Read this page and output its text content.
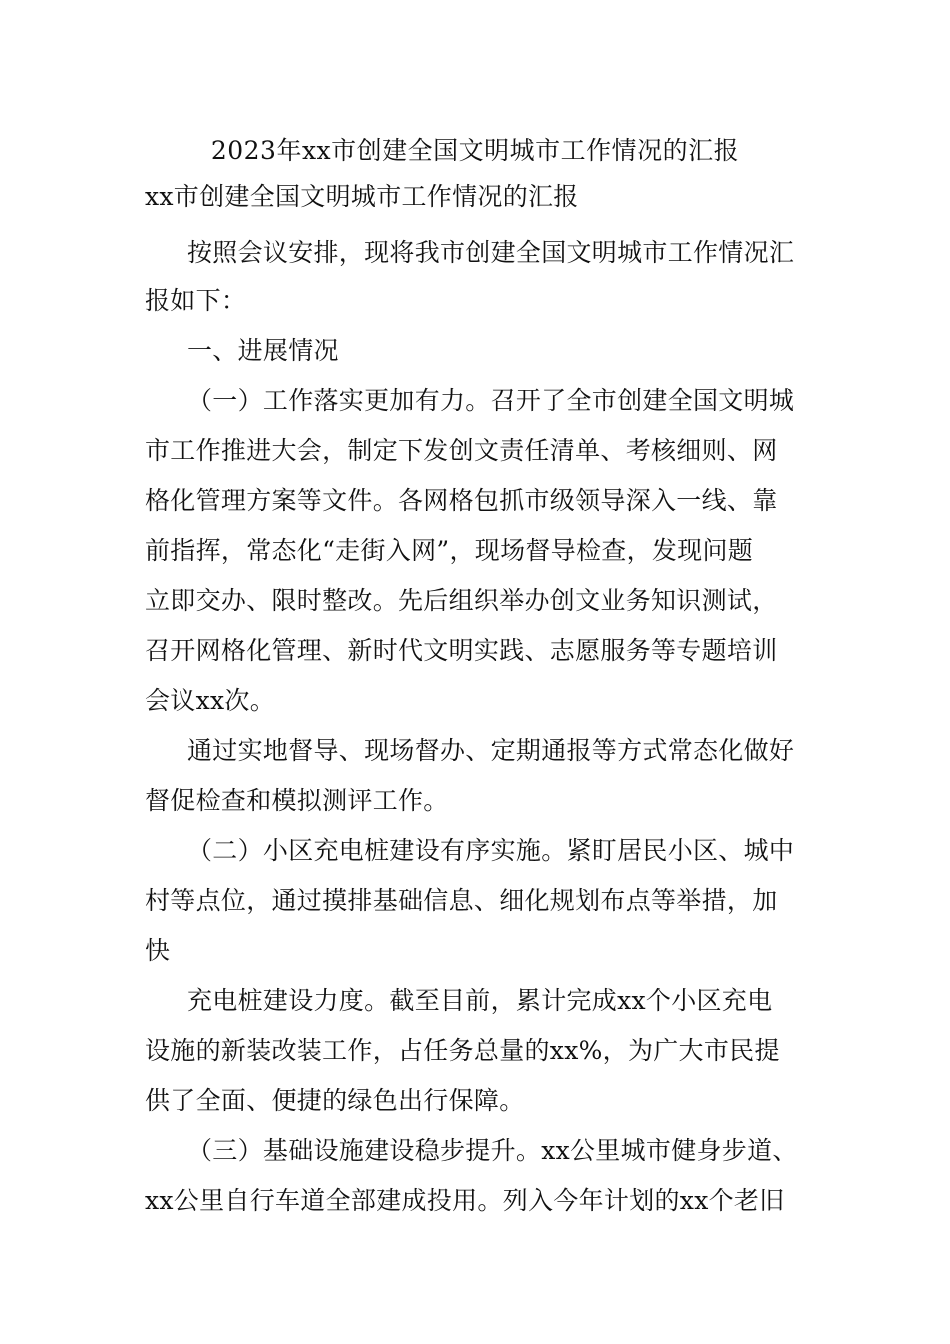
2023年xx市创建全国文明城市工作情况的汇报
xx市创建全国文明城市工作情况的汇报
按照会议安排，现将我市创建全国文明城市工作情况汇
报如下：
一、进展情况
（一）工作落实更加有力。召开了全市创建全国文明城
市工作推进大会，制定下发创文责任清单、考核细则、网
格化管理方案等文件。各网格包抓市级领导深入一线、靠
前指挥，常态化“走街入网”，现场督导检查，发现问题
立即交办、限时整改。先后组织举办创文业务知识测试，
召开网格化管理、新时代文明实践、志愿服务等专题培训
会议xx次。
通过实地督导、现场督办、定期通报等方式常态化做好
督促检查和模拟测评工作。
（二）小区充电桩建设有序实施。紧盯居民小区、城中
村等点位，通过摸排基础信息、细化规划布点等举措，加
快
充电桩建设力度。截至目前，累计完成xx个小区充电
设施的新装改装工作，占任务总量的xx%，为广大市民提
供了全面、便捷的绿色出行保障。
（三）基础设施建设稳步提升。xx公里城市健身步道、
xx公里自行车道全部建成投用。列入今年计划的xx个老旧
